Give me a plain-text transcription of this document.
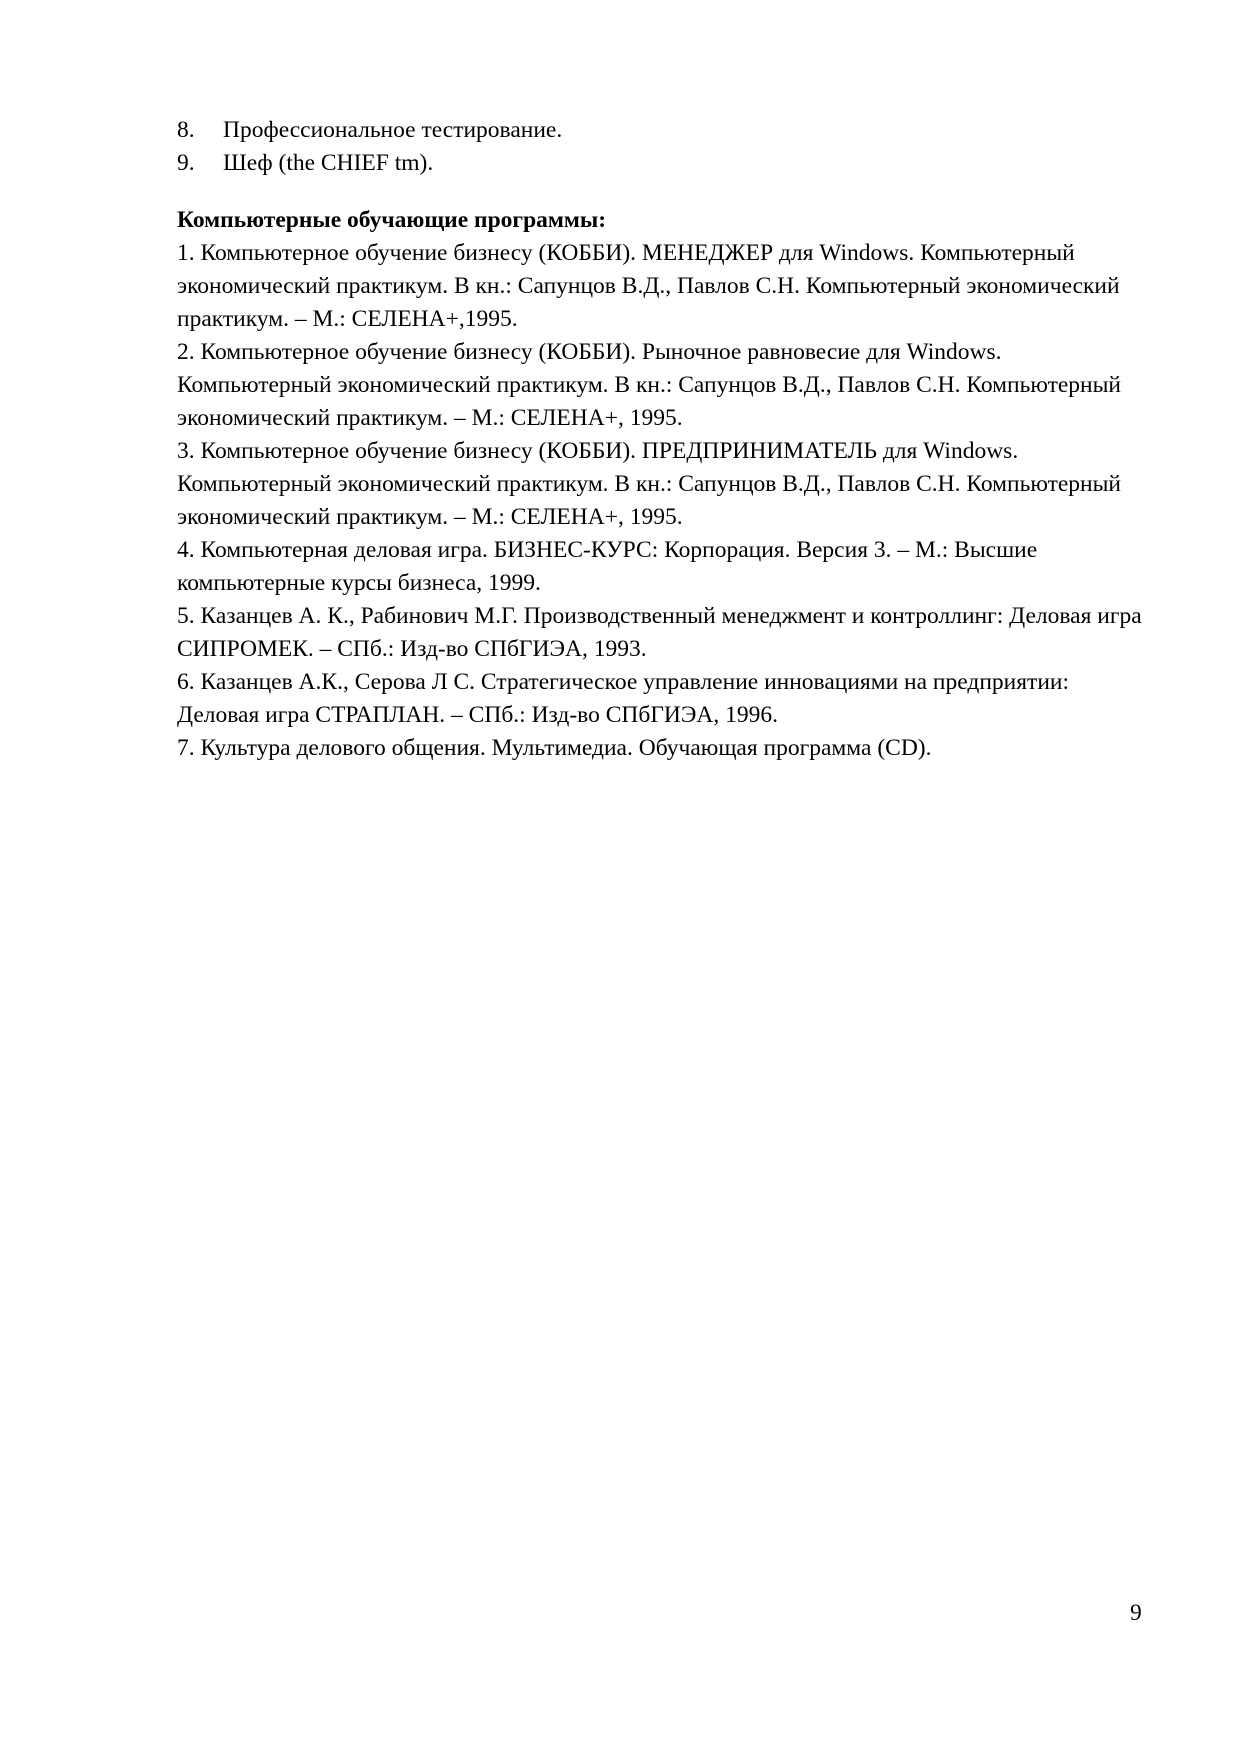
8.	Профессиональное тестирование.
9.	Шеф (the CHIEF tm).

Компьютерные обучающие программы:

1. Компьютерное обучение бизнесу (КОББИ). МЕНЕДЖЕР для Windows. Компьютерный экономический практикум. В кн.: Сапунцов В.Д., Павлов С.Н. Компьютерный экономический практикум. – М.: СЕЛЕНА+,1995.

2. Компьютерное обучение бизнесу (КОББИ). Рыночное равновесие для Windows. Компьютерный экономический практикум. В кн.: Сапунцов В.Д., Павлов С.Н. Компьютерный экономический практикум. – М.: СЕЛЕНА+, 1995.

3. Компьютерное обучение бизнесу (КОББИ). ПРЕДПРИНИМАТЕЛЬ для Windows. Компьютерный экономический практикум. В кн.: Сапунцов В.Д., Павлов С.Н. Компьютерный экономический практикум. – М.: СЕЛЕНА+, 1995.

4. Компьютерная деловая игра. БИЗНЕС-КУРС: Корпорация. Версия 3. – М.: Высшие компьютерные курсы бизнеса, 1999.

5. Казанцев А. К., Рабинович М.Г. Производственный менеджмент и контроллинг: Деловая игра СИПРОМЕК. – СПб.: Изд-во СПбГИЭА, 1993.

6. Казанцев А.К., Серова Л С. Стратегическое управление инновациями на предприятии: Деловая игра СТРАПЛАН. – СПб.: Изд-во СПбГИЭА, 1996.

7. Культура делового общения. Мультимедиа. Обучающая программа (CD).

9
